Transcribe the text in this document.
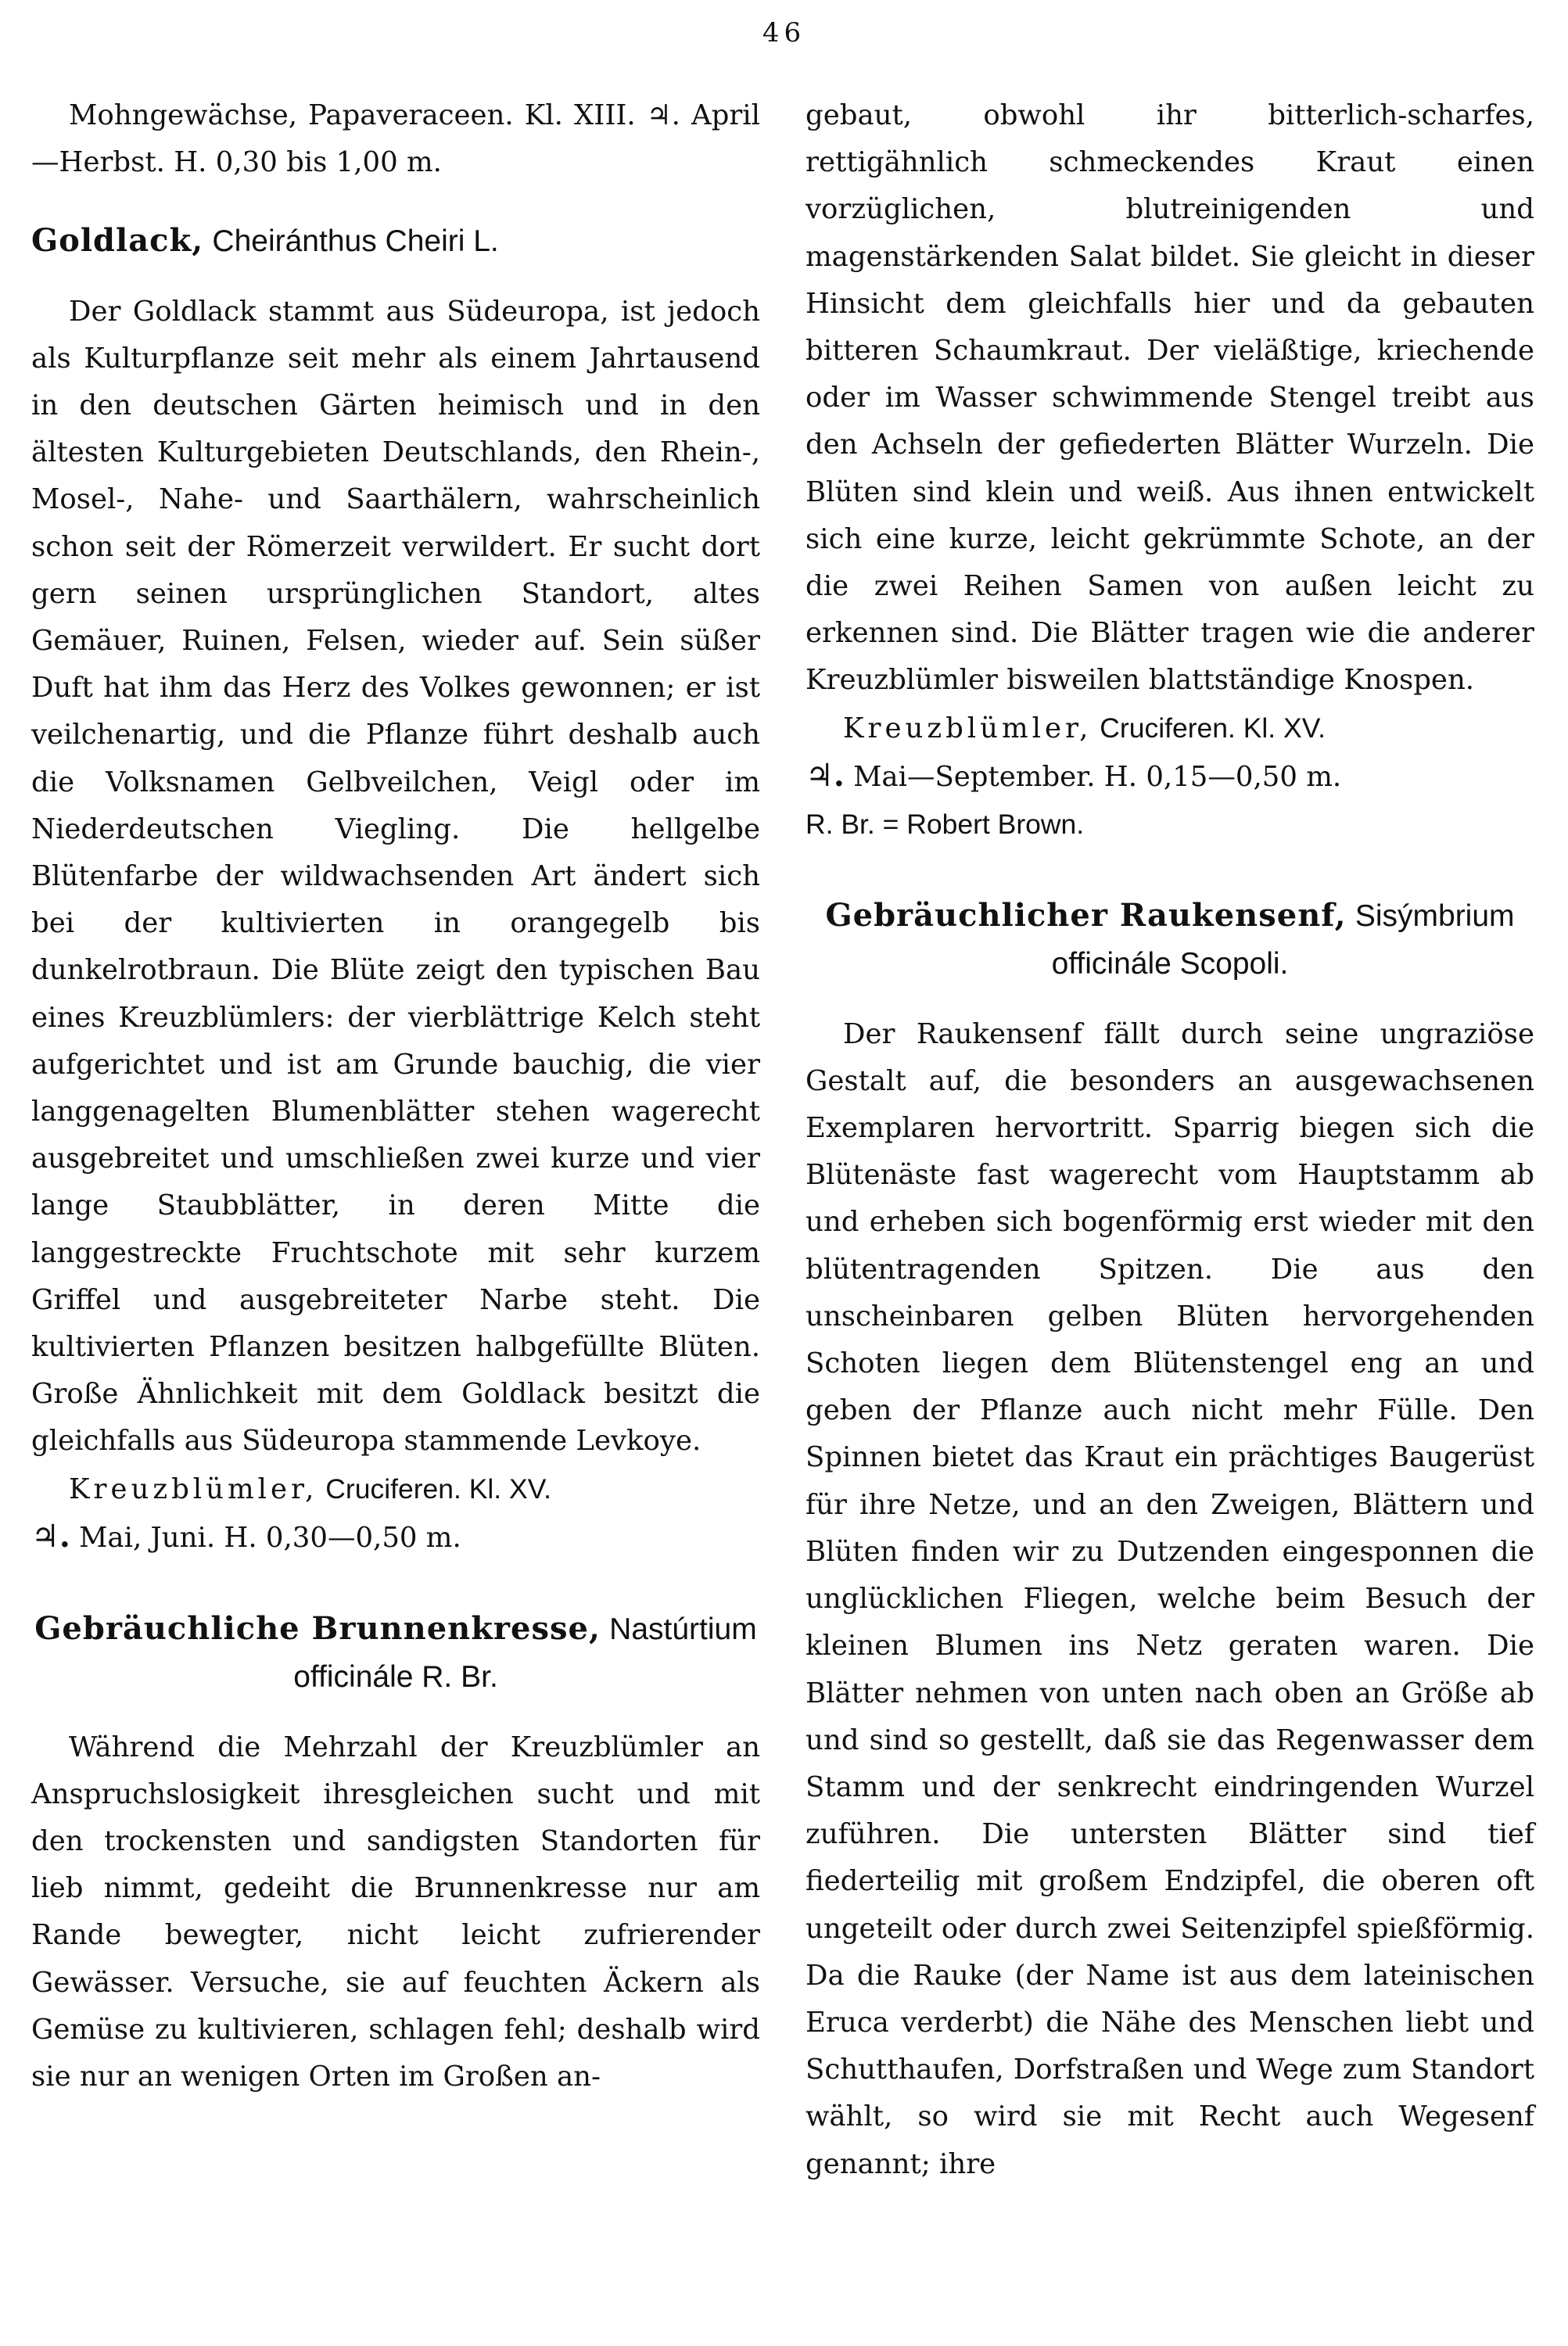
46

Mohngewächse, Papaveraceen. Kl. XIII. ♃. April—Herbst. H. 0,30 bis 1,00 m.

Goldlack, Cheiránthus Cheiri L.

Der Goldlack stammt aus Südeuropa, ist jedoch als Kulturpflanze seit mehr als einem Jahrtausend in den deutschen Gärten heimisch und in den ältesten Kulturgebieten Deutschlands, den Rhein-, Mosel-, Nahe- und Saarthälern, wahrscheinlich schon seit der Römerzeit verwildert. Er sucht dort gern seinen ursprünglichen Standort, altes Gemäuer, Ruinen, Felsen, wieder auf. Sein süßer Duft hat ihm das Herz des Volkes gewonnen; er ist veilchenartig, und die Pflanze führt deshalb auch die Volksnamen Gelbveilchen, Veigl oder im Niederdeutschen Viegling. Die hellgelbe Blütenfarbe der wildwachsenden Art ändert sich bei der kultivierten in orangegelb bis dunkelrotbraun. Die Blüte zeigt den typischen Bau eines Kreuzblümlers: der vierblättrige Kelch steht aufgerichtet und ist am Grunde bauchig, die vier langgenagelten Blumenblätter stehen wagerecht ausgebreitet und umschließen zwei kurze und vier lange Staubblätter, in deren Mitte die langgestreckte Fruchtschote mit sehr kurzem Griffel und ausgebreiteter Narbe steht. Die kultivierten Pflanzen besitzen halbgefüllte Blüten. Große Ähnlichkeit mit dem Goldlack besitzt die gleichfalls aus Südeuropa stammende Levkoye.

Kreuzblümler, Cruciferen. Kl. XV.
♃. Mai, Juni. H. 0,30—0,50 m.

Gebräuchliche Brunnenkresse, Nastúrtium officinále R. Br.

Während die Mehrzahl der Kreuzblümler an Anspruchslosigkeit ihresgleichen sucht und mit den trockensten und sandigsten Standorten für lieb nimmt, gedeiht die Brunnenkresse nur am Rande bewegter, nicht leicht zufrierender Gewässer. Versuche, sie auf feuchten Äckern als Gemüse zu kultivieren, schlagen fehl; deshalb wird sie nur an wenigen Orten im Großen an-

gebaut, obwohl ihr bitterlich-scharfes, rettigähnlich schmeckendes Kraut einen vorzüglichen, blutreinigenden und magenstärkenden Salat bildet. Sie gleicht in dieser Hinsicht dem gleichfalls hier und da gebauten bitteren Schaumkraut. Der vieläßtige, kriechende oder im Wasser schwimmende Stengel treibt aus den Achseln der gefiederten Blätter Wurzeln. Die Blüten sind klein und weiß. Aus ihnen entwickelt sich eine kurze, leicht gekrümmte Schote, an der die zwei Reihen Samen von außen leicht zu erkennen sind. Die Blätter tragen wie die anderer Kreuzblümler bisweilen blattständige Knospen.

Kreuzblümler, Cruciferen. Kl. XV.
♃. Mai—September. H. 0,15—0,50 m.
R. Br. = Robert Brown.

Gebräuchlicher Raukensenf, Sisýmbrium officinále Scopoli.

Der Raukensenf fällt durch seine ungraziöse Gestalt auf, die besonders an ausgewachsenen Exemplaren hervortritt. Sparrig biegen sich die Blütenäste fast wagerecht vom Hauptstamm ab und erheben sich bogenförmig erst wieder mit den blütentragenden Spitzen. Die aus den unscheinbaren gelben Blüten hervorgehenden Schoten liegen dem Blütenstengel eng an und geben der Pflanze auch nicht mehr Fülle. Den Spinnen bietet das Kraut ein prächtiges Baugerüst für ihre Netze, und an den Zweigen, Blättern und Blüten finden wir zu Dutzenden eingesponnen die unglücklichen Fliegen, welche beim Besuch der kleinen Blumen ins Netz geraten waren. Die Blätter nehmen von unten nach oben an Größe ab und sind so gestellt, daß sie das Regenwasser dem Stamm und der senkrecht eindringenden Wurzel zuführen. Die untersten Blätter sind tief fiederteilig mit großem Endzipfel, die oberen oft ungeteilt oder durch zwei Seitenzipfel spießförmig. Da die Rauke (der Name ist aus dem lateinischen Eruca verderbt) die Nähe des Menschen liebt und Schutthaufen, Dorfstraßen und Wege zum Standort wählt, so wird sie mit Recht auch Wegesenf genannt; ihre
